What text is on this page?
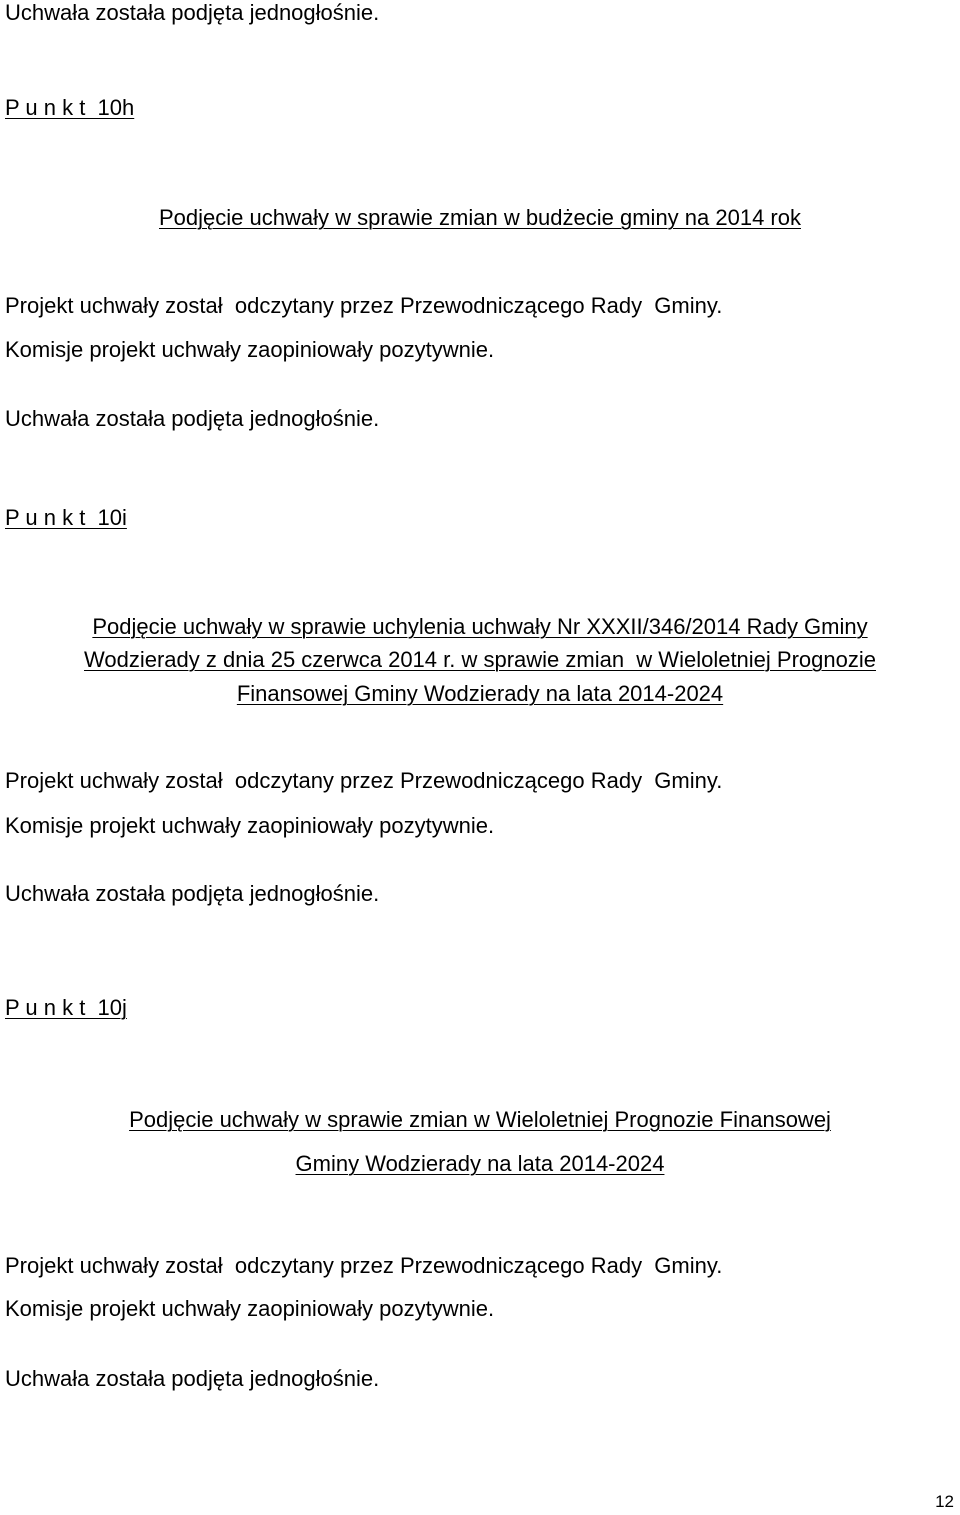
Uchwała została podjęta jednogłośnie.
P u n k t  10h
Podjęcie uchwały w sprawie zmian w budżecie gminy na 2014 rok
Projekt uchwały został  odczytany przez Przewodniczącego Rady  Gminy.
Komisje projekt uchwały zaopiniowały pozytywnie.
Uchwała została podjęta jednogłośnie.
P u n k t  10i
Podjęcie uchwały w sprawie uchylenia uchwały Nr XXXII/346/2014 Rady Gminy
Wodzierady z dnia 25 czerwca 2014 r. w sprawie zmian  w Wieloletniej Prognozie
Finansowej Gminy Wodzierady na lata 2014-2024
Projekt uchwały został  odczytany przez Przewodniczącego Rady  Gminy.
Komisje projekt uchwały zaopiniowały pozytywnie.
Uchwała została podjęta jednogłośnie.
P u n k t  10j
Podjęcie uchwały w sprawie zmian w Wieloletniej Prognozie Finansowej
Gminy Wodzierady na lata 2014-2024
Projekt uchwały został  odczytany przez Przewodniczącego Rady  Gminy.
Komisje projekt uchwały zaopiniowały pozytywnie.
Uchwała została podjęta jednogłośnie.
12
